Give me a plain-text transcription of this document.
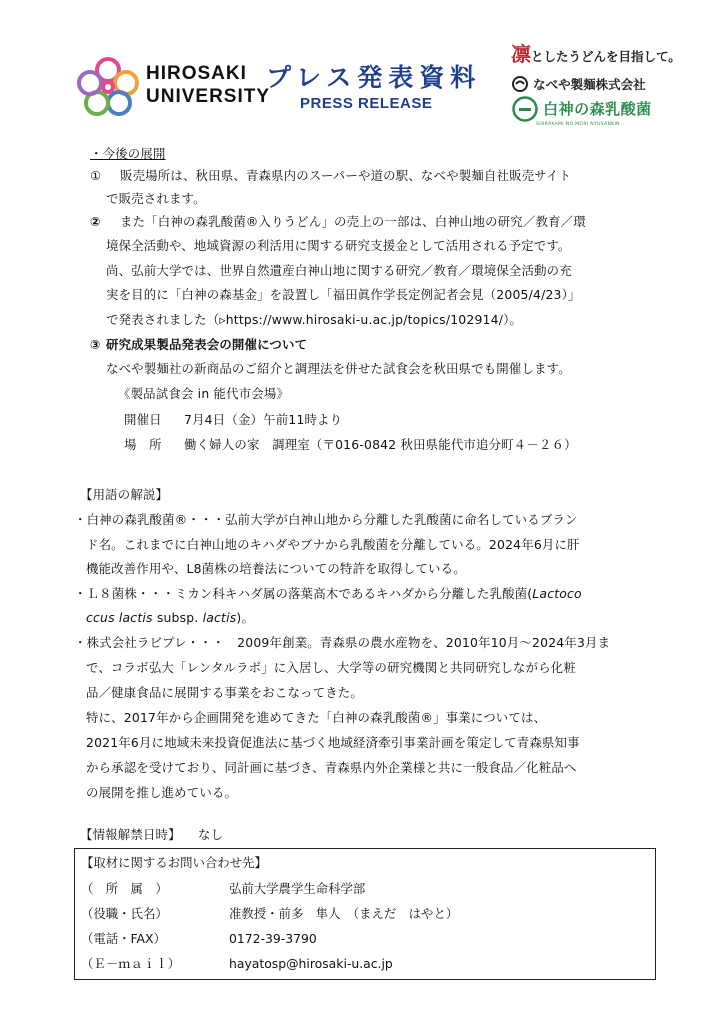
HIROSAKI
UNIVERSITY
プレス発表資料
PRESS RELEASE
凛としたうどんを目指して。
なべや製麺株式会社
白神の森乳酸菌
SHIRAKAMI NO MORI NYUSANKIN
・今後の展開
① 販売場所は、秋田県、青森県内のスーパーや道の駅、なべや製麺自社販売サイト
で販売されます。
② また「白神の森乳酸菌®入りうどん」の売上の一部は、白神山地の研究／教育／環
境保全活動や、地域資源の利活用に関する研究支援金として活用される予定です。
尚、弘前大学では、世界自然遺産白神山地に関する研究／教育／環境保全活動の充
実を目的に「白神の森基金」を設置し「福田眞作学長定例記者会見（2005/4/23）」
で発表されました（▹https://www.hirosaki-u.ac.jp/topics/102914/）。
③ 研究成果製品発表会の開催について
なべや製麺社の新商品のご紹介と調理法を併せた試食会を秋田県でも開催します。
《製品試食会 in 能代市会場》
開催日 7月4日（金）午前11時より
場　所 働く婦人の家　調理室（〒016-0842 秋田県能代市追分町４－２６）
【用語の解説】
・白神の森乳酸菌®・・・弘前大学が白神山地から分離した乳酸菌に命名しているブラン
ド名。これまでに白神山地のキハダやブナから乳酸菌を分離している。2024年6月に肝
機能改善作用や、L8菌株の培養法についての特許を取得している。
・Ｌ８菌株・・・ミカン科キハダ属の落葉高木であるキハダから分離した乳酸菌(Lactoco
ccus lactis subsp. lactis)。
・株式会社ラビプレ・・・　2009年創業。青森県の農水産物を、2010年10月～2024年3月ま
で、コラボ弘大「レンタルラボ」に入居し、大学等の研究機関と共同研究しながら化粧
品／健康食品に展開する事業をおこなってきた。
特に、2017年から企画開発を進めてきた「白神の森乳酸菌®」事業については、
2021年6月に地域未来投資促進法に基づく地域経済牽引事業計画を策定して青森県知事
から承認を受けており、同計画に基づき、青森県内外企業様と共に一般食品／化粧品へ
の展開を推し進めている。
【情報解禁日時】 なし
【取材に関するお問い合わせ先】
（　所　属　）	弘前大学農学生命科学部
（役職・氏名）	准教授・前多　隼人　（まえだ　はやと）
（電話・FAX）	0172-39-3790
（Ｅ－ｍａｉｌ）	hayatosp@hirosaki-u.ac.jp
